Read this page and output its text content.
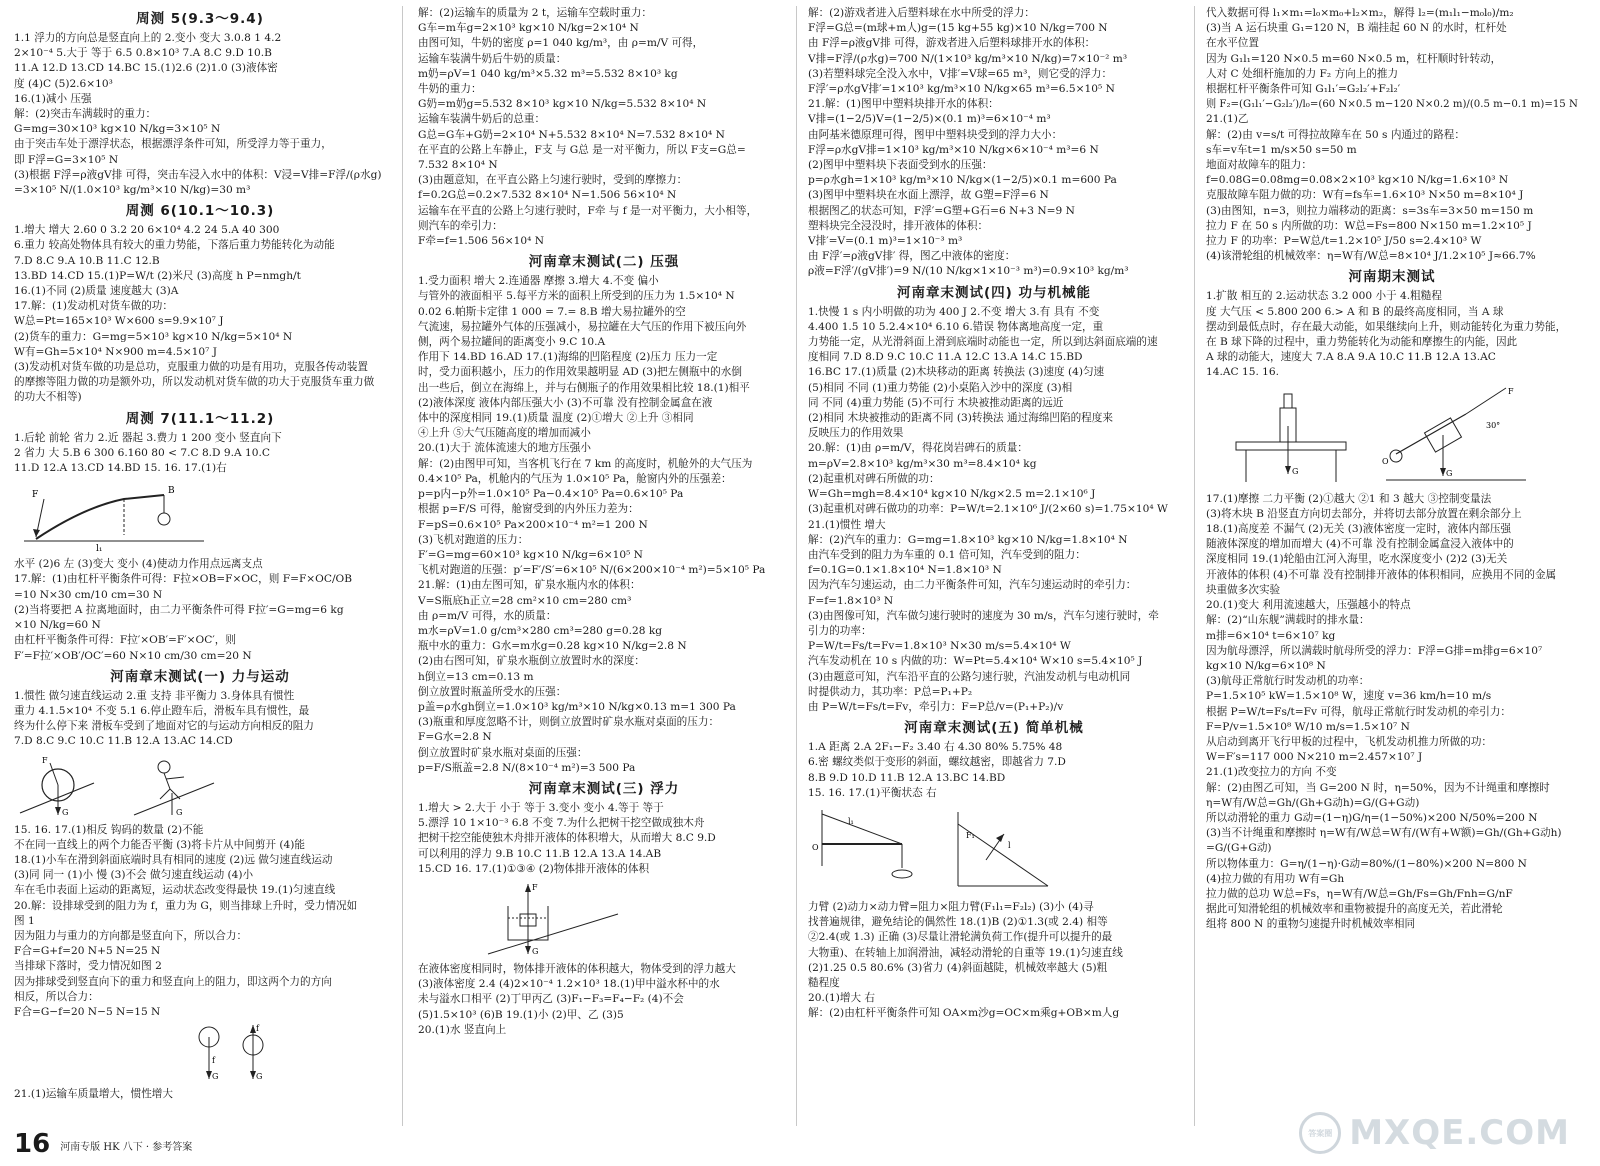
周测 5(9.3～9.4)
1.1 浮力的方向总是竖直向上的 2.变小 变大 3.0.8 1 4.2
2×10⁻⁴ 5.大于 等于 6.5 0.8×10³ 7.A 8.C 9.D 10.B
11.A 12.D 13.CD 14.BC 15.(1)2.6 (2)1.0 (3)液体密
度 (4)C (5)2.6×10³
16.(1)减小 压强
解：(2)突击车满载时的重力：
G=mg=30×10³ kg×10 N/kg=3×10⁵ N
由于突击车处于漂浮状态，根据漂浮条件可知，所受浮力等于重力，
即 F浮=G=3×10⁵ N
(3)根据 F浮=ρ液gV排 可得，突击车浸入水中的体积：V浸=V排=F浮/(ρ水g)
=3×10⁵ N/(1.0×10³ kg/m³×10 N/kg)=30 m³
周测 6(10.1～10.3)
1.增大 增大 2.60 0 3.2 20 6×10⁴ 4.2 24 5.A 40 300
6.重力 较高处物体具有较大的重力势能，下落后重力势能转化为动能
7.D 8.C 9.A 10.B 11.C 12.B
13.BD 14.CD 15.(1)P=W/t (2)米尺 (3)高度 h P=nmgh/t
16.(1)不同 (2)质量 速度越大 (3)A
17.解：(1)发动机对货车做的功：
W总=Pt=165×10³ W×600 s=9.9×10⁷ J
(2)货车的重力：G=mg=5×10³ kg×10 N/kg=5×10⁴ N
W有=Gh=5×10⁴ N×900 m=4.5×10⁷ J
(3)发动机对货车做的功是总功，克服重力做的功是有用功，克服各传动装置
的摩擦等阻力做的功是额外功，所以发动机对货车做的功大于克服货车重力做
的功大不相等)
周测 7(11.1～11.2)
1.后轮 前轮 省力 2.近 器起 3.费力 1 200 变小 竖直向下
2 省力 大 5.B 6 300 6.160 80 < 7.C 8.D 9.A 10.C
11.D 12.A 13.CD 14.BD 15. 16. 17.(1)右
F	B
l₁
水平 (2)6 左 (3)变大 变小 (4)使动力作用点远离支点
17.解：(1)由杠杆平衡条件可得：F拉×OB=F×OC，则 F=F×OC/OB
=10 N×30 cm/10 cm=30 N
(2)当将要把 A 拉离地面时，由二力平衡条件可得 F拉′=G=mg=6 kg
×10 N/kg=60 N
由杠杆平衡条件可得：F拉′×OB′=F′×OC′，则
F′=F拉′×OB′/OC′=60 N×10 cm/30 cm=20 N
河南章末测试(一) 力与运动
1.惯性 做匀速直线运动 2.重 支持 非平衡力 3.身体具有惯性
重力 4.1.5×10⁴ 不变 5.1 6.停止蹬车后，滑板车具有惯性，最
终为什么停下来 滑板车受到了地面对它的与运动方向相反的阻力
7.D 8.C 9.C 10.C 11.B 12.A 13.AC 14.CD
F
G	G
15. 16. 17.(1)相反 钩码的数量 (2)不能
不在同一直线上的两个力能否平衡 (3)将卡片从中间剪开 (4)能
18.(1)小车在滑到斜面底端时具有相同的速度 (2)远 做匀速直线运动
(3)同 同一 (1)小 慢 (3)不会 做匀速直线运动 (4)小
车在毛巾表面上运动的距离短，运动状态改变得最快 19.(1)匀速直线
20.解：设排球受到的阻力为 f，重力为 G，则当排球上升时，受力情况如
图 1
因为阻力与重力的方向都是竖直向下，所以合力：
F合=G+f=20 N+5 N=25 N
当排球下落时，受力情况如图 2
因为排球受到竖直向下的重力和竖直向上的阻力，即这两个力的方向
相反，所以合力：
F合=G−f=20 N−5 N=15 N
f
G
f
G
21.(1)运输车质量增大，惯性增大
解：(2)运输车的质量为 2 t，运输车空载时重力：
G车=m车g=2×10³ kg×10 N/kg=2×10⁴ N
由图可知，牛奶的密度 ρ=1 040 kg/m³，由 ρ=m/V 可得，
运输车装满牛奶后牛奶的质量：
m奶=ρV=1 040 kg/m³×5.32 m³=5.532 8×10³ kg
牛奶的重力：
G奶=m奶g=5.532 8×10³ kg×10 N/kg=5.532 8×10⁴ N
运输车装满牛奶后的总重：
G总=G车+G奶=2×10⁴ N+5.532 8×10⁴ N=7.532 8×10⁴ N
在平直的公路上车静止，F支 与 G总 是一对平衡力，所以 F支=G总=
7.532 8×10⁴ N
(3)由题意知，在平直公路上匀速行驶时，受到的摩擦力：
f=0.2G总=0.2×7.532 8×10⁴ N=1.506 56×10⁴ N
运输车在平直的公路上匀速行驶时，F牵 与 f 是一对平衡力，大小相等，
则汽车的牵引力：
F牵=f=1.506 56×10⁴ N
河南章末测试(二) 压强
1.受力面积 增大 2.连通器 摩擦 3.增大 4.不变 偏小
与管外的液面相平 5.每平方米的面积上所受到的压力为 1.5×10⁴ N
0.02 6.帕斯卡定律 1 000 = 7.= 8.B 增大易拉罐外的空
气流速，易拉罐外气体的压强减小，易拉罐在大气压的作用下被压向外
侧，两个易拉罐间的距离变小 9.C 10.A
作用下 14.BD 16.AD 17.(1)海绵的凹陷程度 (2)压力 压力一定
时，受力面积越小，压力的作用效果越明显 AD (3)把左侧瓶中的水倒
出一些后，倒立在海绵上，并与右侧瓶子的作用效果相比较 18.(1)相平
(2)液体深度 液体内部压强大小 (3)不可靠 没有控制金属盒在液
体中的深度相同 19.(1)质量 温度 (2)①增大 ②上升 ③相同
④上升 ⑤大气压随高度的增加而减小
20.(1)大于 流体流速大的地方压强小
解：(2)由图甲可知，当客机飞行在 7 km 的高度时，机舱外的大气压为
0.4×10⁵ Pa，机舱内的气压为 1.0×10⁵ Pa，舱窗内外的压强差：
p=p内−p外=1.0×10⁵ Pa−0.4×10⁵ Pa=0.6×10⁵ Pa
根据 p=F/S 可得，舱窗受到的内外压力差为：
F=pS=0.6×10⁵ Pa×200×10⁻⁴ m²=1 200 N
(3)飞机对跑道的压力：
F′=G=mg=60×10³ kg×10 N/kg=6×10⁵ N
飞机对跑道的压强：p′=F′/S′=6×10⁵ N/(6×200×10⁻⁴ m²)=5×10⁵ Pa
21.解：(1)由左图可知，矿泉水瓶内水的体积：
V=S瓶底h正立=28 cm²×10 cm=280 cm³
由 ρ=m/V 可得，水的质量：
m水=ρV=1.0 g/cm³×280 cm³=280 g=0.28 kg
瓶中水的重力：G水=m水g=0.28 kg×10 N/kg=2.8 N
(2)由右图可知，矿泉水瓶倒立放置时水的深度：
h倒立=13 cm=0.13 m
倒立放置时瓶盖所受水的压强：
p盖=ρ水gh倒立=1.0×10³ kg/m³×10 N/kg×0.13 m=1 300 Pa
(3)瓶重和厚度忽略不计，则倒立放置时矿泉水瓶对桌面的压力：
F=G水=2.8 N
倒立放置时矿泉水瓶对桌面的压强：
p=F/S瓶盖=2.8 N/(8×10⁻⁴ m²)=3 500 Pa
河南章末测试(三) 浮力
1.增大 > 2.大于 小于 等于 3.变小 变小 4.等于 等于
5.漂浮 10 1×10⁻³ 6.8 不变 7.为什么把树干挖空做成独木舟
把树干挖空能使独木舟排开液体的体积增大，从而增大 8.C 9.D
可以利用的浮力 9.B 10.C 11.B 12.A 13.A 14.AB
15.CD 16. 17.(1)①③④ (2)物体排开液体的体积
F
G
在液体密度相同时，物体排开液体的体积越大，物体受到的浮力越大
(3)液体密度 2.4 (4)2×10⁻⁴ 1.2×10³ 18.(1)甲中溢水杯中的水
未与溢水口相平 (2)丁甲丙乙 (3)F₁−F₃=F₄−F₂ (4)不会
(5)1.5×10³ (6)B 19.(1)小 (2)甲、乙 (3)5
20.(1)水 竖直向上
解：(2)游戏者进入后塑料球在水中所受的浮力：
F浮=G总=(m球+m人)g=(15 kg+55 kg)×10 N/kg=700 N
由 F浮=ρ液gV排 可得，游戏者进入后塑料球排开水的体积：
V排=F浮/(ρ水g)=700 N/(1×10³ kg/m³×10 N/kg)=7×10⁻² m³
(3)若塑料球完全没入水中，V排′=V球=65 m³，则它受的浮力：
F浮′=ρ水gV排′=1×10³ kg/m³×10 N/kg×65 m³=6.5×10⁵ N
21.解：(1)图甲中塑料块排开水的体积：
V排=(1−2/5)V=(1−2/5)×(0.1 m)³=6×10⁻⁴ m³
由阿基米德原理可得，图甲中塑料块受到的浮力大小：
F浮=ρ水gV排=1×10³ kg/m³×10 N/kg×6×10⁻⁴ m³=6 N
(2)图甲中塑料块下表面受到水的压强：
p=ρ水gh=1×10³ kg/m³×10 N/kg×(1−2/5)×0.1 m=600 Pa
(3)图甲中塑料块在水面上漂浮，故 G塑=F浮=6 N
根据图乙的状态可知，F浮′=G塑+G石=6 N+3 N=9 N
塑料块完全浸没时，排开液体的体积：
V排′=V=(0.1 m)³=1×10⁻³ m³
由 F浮′=ρ液gV排′ 得，图乙中液体的密度：
ρ液=F浮′/(gV排′)=9 N/(10 N/kg×1×10⁻³ m³)=0.9×10³ kg/m³
河南章末测试(四) 功与机械能
1.快慢 1 s 内小明做的功为 400 J 2.不变 增大 3.有 具有 不变
4.400 1.5 10 5.2.4×10⁴ 6.10 6.错误 物体离地高度一定，重
力势能一定，从光滑斜面上滑到底端时动能也一定，所以到达斜面底端的速
度相同 7.D 8.D 9.C 10.C 11.A 12.C 13.A 14.C 15.BD
16.BC 17.(1)质量 (2)木块移动的距离 转换法 (3)速度 (4)匀速
(5)相同 不同 (1)重力势能 (2)小桌陷入沙中的深度 (3)相
同 不同 (4)重力势能 (5)不可行 木块被推动距离的远近
(2)相同 木块被推动的距离不同 (3)转换法 通过海绵凹陷的程度来
反映压力的作用效果
20.解：(1)由 ρ=m/V，得花岗岩碑石的质量：
m=ρV=2.8×10³ kg/m³×30 m³=8.4×10⁴ kg
(2)起重机对碑石所做的功：
W=Gh=mgh=8.4×10⁴ kg×10 N/kg×2.5 m=2.1×10⁶ J
(3)起重机对碑石做功的功率：P=W/t=2.1×10⁶ J/(2×60 s)=1.75×10⁴ W
21.(1)惯性 增大
解：(2)汽车的重力：G=mg=1.8×10³ kg×10 N/kg=1.8×10⁴ N
由汽车受到的阻力为车重的 0.1 倍可知，汽车受到的阻力：
f=0.1G=0.1×1.8×10⁴ N=1.8×10³ N
因为汽车匀速运动，由二力平衡条件可知，汽车匀速运动时的牵引力：
F=f=1.8×10³ N
(3)由图像可知，汽车做匀速行驶时的速度为 30 m/s，汽车匀速行驶时，牵
引力的功率：
P=W/t=Fs/t=Fv=1.8×10³ N×30 m/s=5.4×10⁴ W
汽车发动机在 10 s 内做的功：W=Pt=5.4×10⁴ W×10 s=5.4×10⁵ J
(3)由题意可知，汽车沿平直的公路匀速行驶，汽油发动机与电动机同
时提供动力，其功率：P总=P₁+P₂
由 P=W/t=Fs/t=Fv，牵引力：F=P总/v=(P₁+P₂)/v
河南章末测试(五) 简单机械
1.A 距离 2.A 2F₁−F₂ 3.40 右 4.30 80% 5.75% 48
6.密 螺纹类似于变形的斜面，螺纹越密，即越省力 7.D
8.B 9.D 10.D 11.B 12.A 13.BC 14.BD
15. 16. 17.(1)平衡状态 右
O
l₁
F₁
l
力臂 (2)动力×动力臂=阻力×阻力臂(F₁l₁=F₂l₂) (3)小 (4)寻
找普遍规律，避免结论的偶然性 18.(1)B (2)①1.3(或 2.4) 相等
②2.4(或 1.3) 正确 (3)尽量让滑轮满负荷工作(提升可以提升的最
大物重)、在转轴上加润滑油，减轻动滑轮的自重等 19.(1)匀速直线
(2)1.25 0.5 80.6% (3)省力 (4)斜面越陡，机械效率越大 (5)粗
糙程度
20.(1)增大 右
解：(2)由杠杆平衡条件可知 OA×m沙g=OC×m乘g+OB×m人g
代入数据可得 l₁×m₁=l₀×m₀+l₂×m₂，解得 l₂=(m₁l₁−m₀l₀)/m₂
(3)当 A 运石块重 G₁=120 N，B 端挂起 60 N 的水时，杠杆处
在水平位置
因为 G₁l₁=120 N×0.5 m=60 N×0.5 m，杠杆顺时针转动，
人对 C 处细杆施加的力 F₂ 方向上的推力
根据杠杆平衡条件可知 G₁l₁′=G₂l₂′+F₂l₂′
则 F₂=(G₁l₁′−G₂l₂′)/l₀=(60 N×0.5 m−120 N×0.2 m)/(0.5 m−0.1 m)=15 N
21.(1)乙
解：(2)由 v=s/t 可得拉故障车在 50 s 内通过的路程：
s车=v车t=1 m/s×50 s=50 m
地面对故障车的阻力：
f=0.08G=0.08mg=0.08×2×10³ kg×10 N/kg=1.6×10³ N
克服故障车阻力做的功：W有=fs车=1.6×10³ N×50 m=8×10⁴ J
(3)由图知，n=3，则拉力端移动的距离：s=3s车=3×50 m=150 m
拉力 F 在 50 s 内所做的功：W总=Fs=800 N×150 m=1.2×10⁵ J
拉力 F 的功率：P=W总/t=1.2×10⁵ J/50 s=2.4×10³ W
(4)该滑轮组的机械效率：η=W有/W总=8×10⁴ J/1.2×10⁵ J≈66.7%
河南期末测试
1.扩散 相互的 2.运动状态 3.2 000 小于 4.粗糙程
度 大气压 < 5.800 200 6.> A 和 B 的最终高度相同，当 A 球
摆动到最低点时，存在最大动能，如果继续向上升，则动能转化为重力势能，
在 B 球下降的过程中，重力势能转化为动能和摩擦生的内能，因此
A 球的动能大，速度大 7.A 8.A 9.A 10.C 11.B 12.A 13.AC
14.AC 15. 16.
G
F
30°
G
O
17.(1)摩擦 二力平衡 (2)①越大 ②1 和 3 越大 ③控制变量法
(3)将木块 B 沿竖直方向切去部分，并将切去部分放置在剩余部分上
18.(1)高度差 不漏气 (2)无关 (3)液体密度一定时，液体内部压强
随液体深度的增加而增大 (4)不可靠 没有控制金属盒浸入液体中的
深度相同 19.(1)轮船由江河入海里，吃水深度变小 (2)2 (3)无关
开液体的体积 (4)不可靠 没有控制排开液体的体积相同，应换用不同的金属
块重做多次实验
20.(1)变大 利用流速越大，压强越小的特点
解：(2)“山东舰”满载时的排水量：
m排=6×10⁴ t=6×10⁷ kg
因为航母漂浮，所以满载时航母所受的浮力：F浮=G排=m排g=6×10⁷
kg×10 N/kg=6×10⁸ N
(3)航母正常航行时发动机的功率：
P=1.5×10⁵ kW=1.5×10⁸ W，速度 v=36 km/h=10 m/s
根据 P=W/t=Fs/t=Fv 可得，航母正常航行时发动机的牵引力：
F=P/v=1.5×10⁸ W/10 m/s=1.5×10⁷ N
从启动到离开飞行甲板的过程中，飞机发动机推力所做的功：
W=F′s=117 000 N×210 m=2.457×10⁷ J
21.(1)改变拉力的方向 不变
解：(2)由图乙可知，当 G=200 N 时，η=50%，因为不计绳重和摩擦时
η=W有/W总=Gh/(Gh+G动h)=G/(G+G动)
所以动滑轮的重力 G动=(1−η)G/η=(1−50%)×200 N/50%=200 N
(3)当不计绳重和摩擦时 η=W有/W总=W有/(W有+W额)=Gh/(Gh+G动h)
=G/(G+G动)
所以物体重力：G=η/(1−η)·G动=80%/(1−80%)×200 N=800 N
(4)拉力做的有用功 W有=Gh
拉力做的总功 W总=Fs，η=W有/W总=Gh/Fs=Gh/Fnh=G/nF
据此可知滑轮组的机械效率和重物被提升的高度无关，若此滑轮
组将 800 N 的重物匀速提升时机械效率相同
16 河南专版 HK 八下 · 参考答案
答案圈 MXQE.COM
